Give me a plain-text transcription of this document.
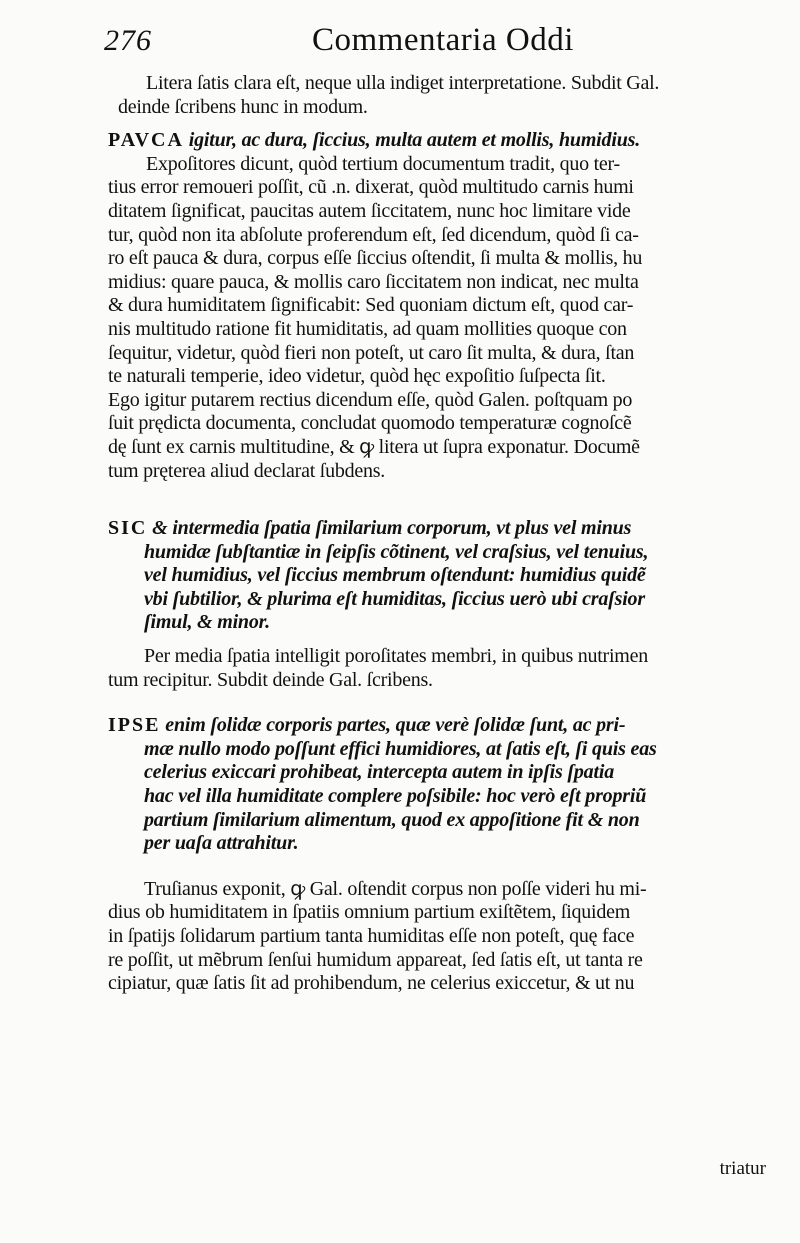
276	Commentaria Oddi
Litera ſatis clara eſt, neque ulla indiget interpretatione. Subdit Gal.
deinde ſcribens hunc in modum.
PAVCA igitur, ac dura, ſiccius, multa autem et mollis, humidius.
Expoſitores dicunt, quòd tertium documentum tradit, quo ter-
tius error remoueri poſſit, cũ .n. dixerat, quòd multitudo carnis humi
ditatem ſignificat, paucitas autem ſiccitatem, nunc hoc limitare vide
tur, quòd non ita abſolute proferendum eſt, ſed dicendum, quòd ſi ca-
ro eſt pauca & dura, corpus eſſe ſiccius oſtendit, ſi multa & mollis, hu
midius: quare pauca, & mollis caro ſiccitatem non indicat, nec multa
& dura humiditatem ſignificabit: Sed quoniam dictum eſt, quod car-
nis multitudo ratione fit humiditatis, ad quam mollities quoque con
ſequitur, videtur, quòd fieri non poteſt, ut caro ſit multa, & dura, ſtan
te naturali temperie, ideo videtur, quòd hęc expoſitio ſuſpecta ſit.
Ego igitur putarem rectius dicendum eſſe, quòd Galen. poſtquam po
ſuit prędicta documenta, concludat quomodo temperaturæ cognoſcẽ
dę ſunt ex carnis multitudine, & ꝙ litera ut ſupra exponatur. Documẽ
tum pręterea aliud declarat ſubdens.
SIC & intermedia ſpatia ſimilarium corporum, vt plus vel minus
humidæ ſubſtantiæ in ſeipſis cõtinent, vel craſsius, vel tenuius,
vel humidius, vel ſiccius membrum oſtendunt: humidius quidẽ
vbi ſubtilior, & plurima eſt humiditas, ſiccius uerò ubi craſsior
ſimul, & minor.
Per media ſpatia intelligit poroſitates membri, in quibus nutrimen
tum recipitur. Subdit deinde Gal. ſcribens.
IPSE enim ſolidæ corporis partes, quæ verè ſolidæ ſunt, ac pri-
mæ nullo modo poſſunt effici humidiores, at ſatis eſt, ſi quis eas
celerius exiccari prohibeat, intercepta autem in ipſis ſpatia
hac vel illa humiditate complere poſsibile: hoc verò eſt propriũ
partium ſimilarium alimentum, quod ex appoſitione fit & non
per uaſa attrahitur.
Truſianus exponit, ꝙ Gal. oſtendit corpus non poſſe videri hu mi-
dius ob humiditatem in ſpatiis omnium partium exiſtẽtem, ſiquidem
in ſpatijs ſolidarum partium tanta humiditas eſſe non poteſt, quę face
re poſſit, ut mẽbrum ſenſui humidum appareat, ſed ſatis eſt, ut tanta re
cipiatur, quæ ſatis ſit ad prohibendum, ne celerius exiccetur, & ut nu
triatur
